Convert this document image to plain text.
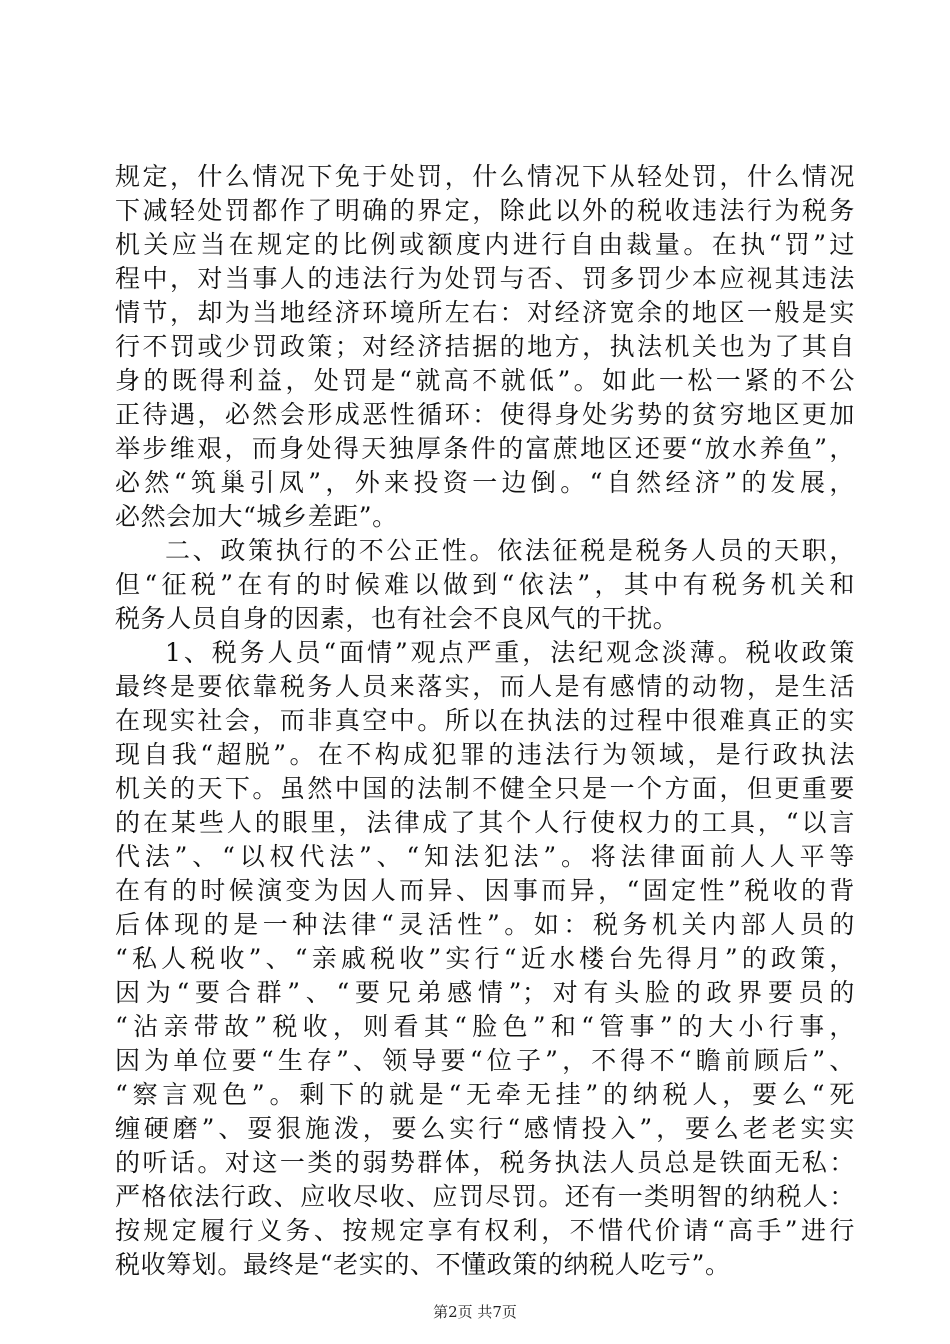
规定，什么情况下免于处罚，什么情况下从轻处罚，什么情况
下减轻处罚都作了明确的界定，除此以外的税收违法行为税务
机关应当在规定的比例或额度内进行自由裁量。在执“罚”过
程中，对当事人的违法行为处罚与否、罚多罚少本应视其违法
情节，却为当地经济环境所左右：对经济宽余的地区一般是实
行不罚或少罚政策；对经济拮据的地方，执法机关也为了其自
身的既得利益，处罚是“就高不就低”。如此一松一紧的不公
正待遇，必然会形成恶性循环：使得身处劣势的贫穷地区更加
举步维艰，而身处得天独厚条件的富蔗地区还要“放水养鱼”，
必然“筑巢引凤”，外来投资一边倒。“自然经济”的发展，
必然会加大“城乡差距”。
二、政策执行的不公正性。依法征税是税务人员的天职，
但“征税”在有的时候难以做到“依法”，其中有税务机关和
税务人员自身的因素，也有社会不良风气的干扰。
1、税务人员“面情”观点严重，法纪观念淡薄。税收政策
最终是要依靠税务人员来落实，而人是有感情的动物，是生活
在现实社会，而非真空中。所以在执法的过程中很难真正的实
现自我“超脱”。在不构成犯罪的违法行为领域，是行政执法
机关的天下。虽然中国的法制不健全只是一个方面，但更重要
的在某些人的眼里，法律成了其个人行使权力的工具，“以言
代法”、“以权代法”、“知法犯法”。将法律面前人人平等
在有的时候演变为因人而异、因事而异，“固定性”税收的背
后体现的是一种法律“灵活性”。如：税务机关内部人员的
“私人税收”、“亲戚税收”实行“近水楼台先得月”的政策，
因为“要合群”、“要兄弟感情”；对有头脸的政界要员的
“沾亲带故”税收，则看其“脸色”和“管事”的大小行事，
因为单位要“生存”、领导要“位子”，不得不“瞻前顾后”、
“察言观色”。剩下的就是“无牵无挂”的纳税人，要么“死
缠硬磨”、耍狠施泼，要么实行“感情投入”，要么老老实实
的听话。对这一类的弱势群体，税务执法人员总是铁面无私：
严格依法行政、应收尽收、应罚尽罚。还有一类明智的纳税人：
按规定履行义务、按规定享有权利，不惜代价请“高手”进行
税收筹划。最终是“老实的、不懂政策的纳税人吃亏”。
第2页 共7页
